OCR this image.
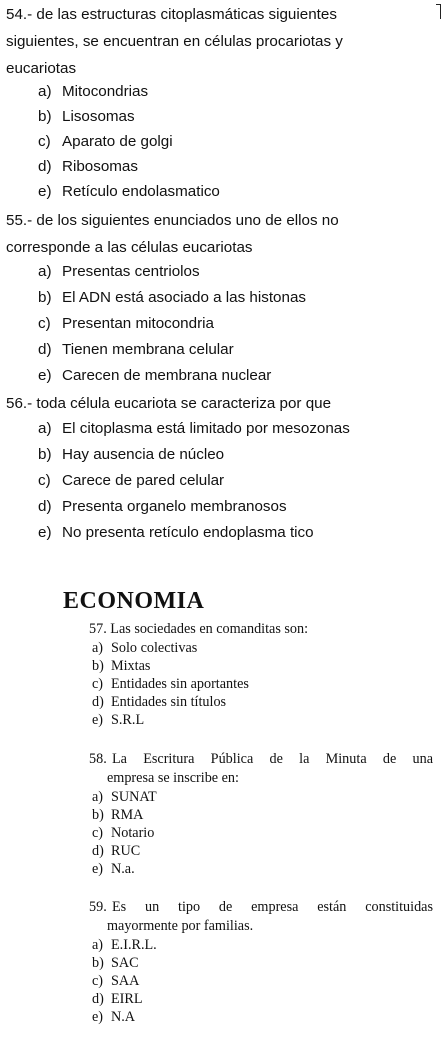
54.- de las estructuras citoplasmáticas siguientes
siguientes, se encuentran en células procariotas y
eucariotas
a) Mitocondrias
b) Lisosomas
c) Aparato de golgi
d) Ribosomas
e) Retículo endolasmatico
55.- de los siguientes enunciados uno de ellos no
corresponde a las células eucariotas
a) Presentas centriolos
b) El ADN está asociado a las histonas
c) Presentan mitocondria
d) Tienen membrana celular
e) Carecen de membrana nuclear
56.- toda célula eucariota se caracteriza por que
a) El citoplasma está limitado por mesozonas
b) Hay ausencia de núcleo
c) Carece de pared celular
d) Presenta organelo membranosos
e) No presenta retículo endoplasma tico
ECONOMIA
57. Las sociedades en comanditas son:
a) Solo colectivas
b) Mixtas
c) Entidades sin aportantes
d) Entidades sin títulos
e) S.R.L
58. La Escritura Pública de la Minuta de una
empresa se inscribe en:
a) SUNAT
b) RMA
c) Notario
d) RUC
e) N.a.
59. Es un tipo de empresa están constituidas
mayormente por familias.
a) E.I.R.L.
b) SAC
c) SAA
d) EIRL
e) N.A
